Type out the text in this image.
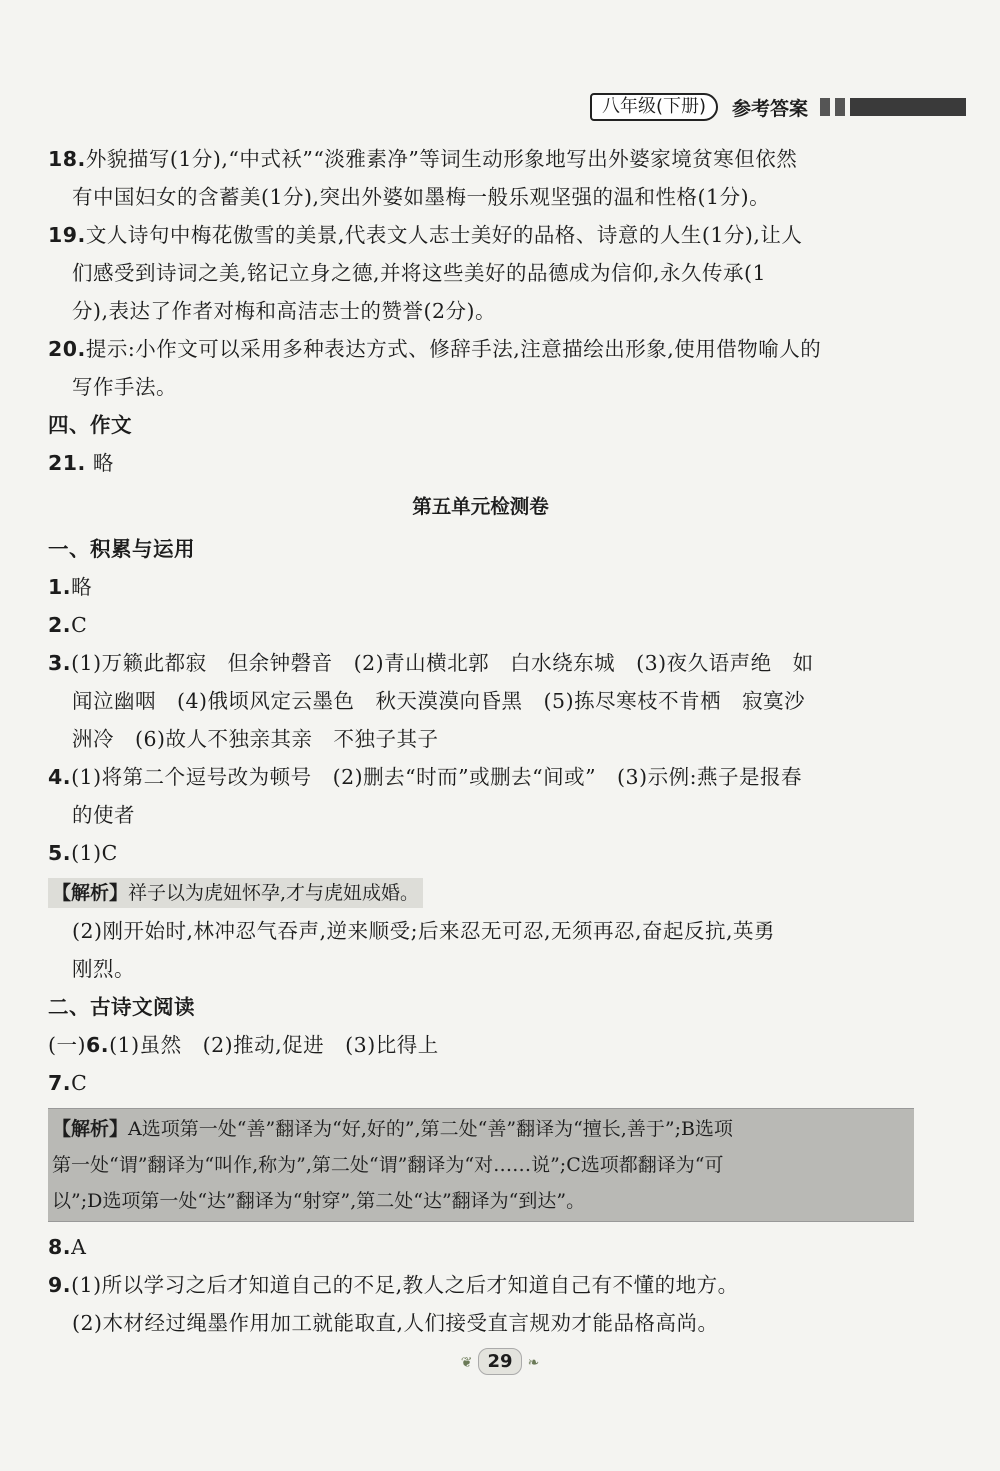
八年级(下册)	参考答案

18.外貌描写(1分),“中式袄”“淡雅素净”等词生动形象地写出外婆家境贫寒但依然

有中国妇女的含蓄美(1分),突出外婆如墨梅一般乐观坚强的温和性格(1分)。

19.文人诗句中梅花傲雪的美景,代表文人志士美好的品格、诗意的人生(1分),让人

们感受到诗词之美,铭记立身之德,并将这些美好的品德成为信仰,永久传承(1

分),表达了作者对梅和高洁志士的赞誉(2分)。

20.提示:小作文可以采用多种表达方式、修辞手法,注意描绘出形象,使用借物喻人的

写作手法。

四、作文

21. 略

第五单元检测卷

一、积累与运用

1.略

2.C

3.(1)万籁此都寂　但余钟磬音　(2)青山横北郭　白水绕东城　(3)夜久语声绝　如

闻泣幽咽　(4)俄顷风定云墨色　秋天漠漠向昏黑　(5)拣尽寒枝不肯栖　寂寞沙

洲冷　(6)故人不独亲其亲　不独子其子

4.(1)将第二个逗号改为顿号　(2)删去“时而”或删去“间或”　(3)示例:燕子是报春

的使者

5.(1)C

【解析】祥子以为虎妞怀孕,才与虎妞成婚。

(2)刚开始时,林冲忍气吞声,逆来顺受;后来忍无可忍,无须再忍,奋起反抗,英勇

刚烈。

二、古诗文阅读

(一)6.(1)虽然　(2)推动,促进　(3)比得上

7.C

【解析】A选项第一处“善”翻译为“好,好的”,第二处“善”翻译为“擅长,善于”;B选项
第一处“谓”翻译为“叫作,称为”,第二处“谓”翻译为“对……说”;C选项都翻译为“可
以”;D选项第一处“达”翻译为“射穿”,第二处“达”翻译为“到达”。

8.A

9.(1)所以学习之后才知道自己的不足,教人之后才知道自己有不懂的地方。

(2)木材经过绳墨作用加工就能取直,人们接受直言规劝才能品格高尚。

❦ 29 ❧
